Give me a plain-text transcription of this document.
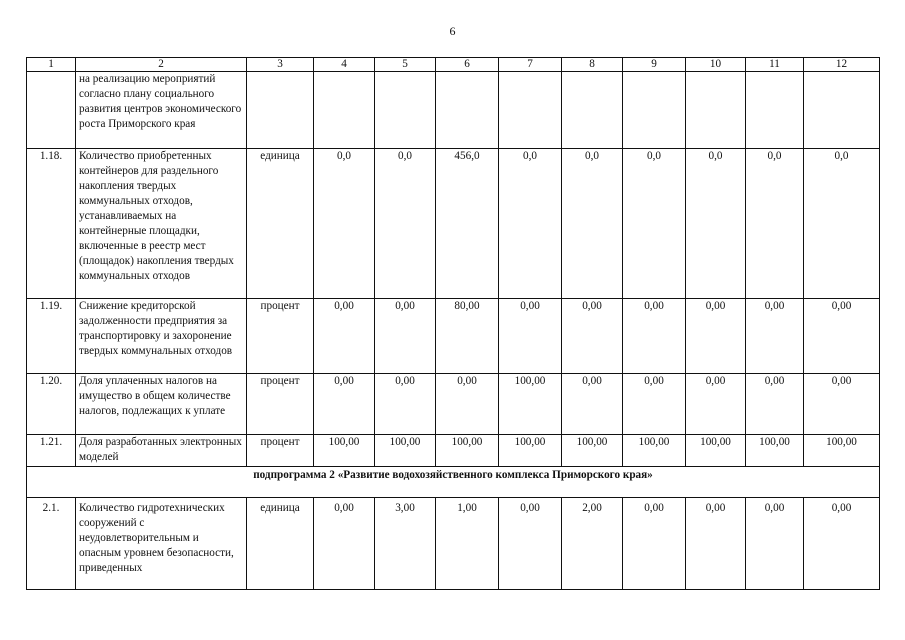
6
1	2	3	4	5	6	7	8	9	10	11	12
	на реализацию мероприятий согласно плану социального развития центров экономического роста Приморского края										
1.18.	Количество приобретенных контейнеров для раздельного накопления твердых коммунальных отходов, устанавливаемых на контейнерные площадки, включенные в реестр мест (площадок) накопления твердых коммунальных отходов	единица	0,0	0,0	456,0	0,0	0,0	0,0	0,0	0,0	0,0
1.19.	Снижение кредиторской задолженности предприятия за транспортировку и захоронение твердых коммунальных отходов	процент	0,00	0,00	80,00	0,00	0,00	0,00	0,00	0,00	0,00
1.20.	Доля уплаченных налогов на имущество в общем количестве налогов, подлежащих к уплате	процент	0,00	0,00	0,00	100,00	0,00	0,00	0,00	0,00	0,00
1.21.	Доля разработанных электронных моделей	процент	100,00	100,00	100,00	100,00	100,00	100,00	100,00	100,00	100,00
подпрограмма 2 «Развитие водохозяйственного комплекса Приморского края»											
2.1.	Количество гидротехнических сооружений с неудовлетворительным и опасным уровнем безопасности, приведенных	единица	0,00	3,00	1,00	0,00	2,00	0,00	0,00	0,00	0,00
